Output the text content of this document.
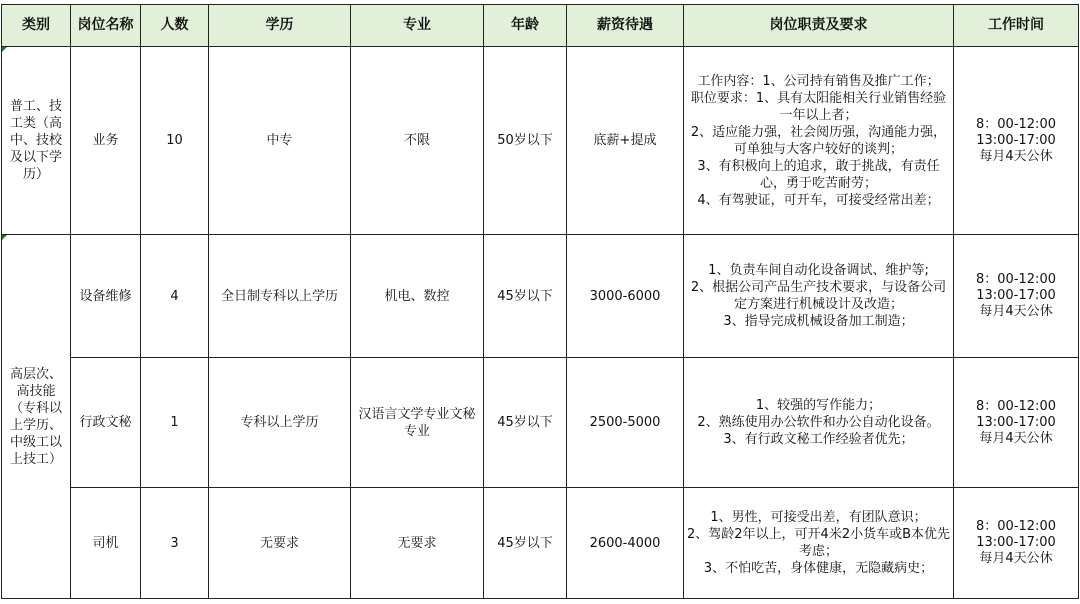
类别	岗位名称	人数	学历	专业	年龄	薪资待遇	岗位职责及要求	工作时间

普工、技工类（高中、技校及以下学历）	业务	10	中专	不限	50岁以下	底薪+提成	工作内容：1、公司持有销售及推广工作；
职位要求：1、具有太阳能相关行业销售经验一年以上者；
2、适应能力强，社会阅历强，沟通能力强，可单独与大客户较好的谈判；
3、有积极向上的追求，敢于挑战，有责任心，勇于吃苦耐劳；
4、有驾驶证，可开车，可接受经常出差；	8：00-12:00
13:00-17:00
每月4天公休

高层次、高技能（专科以上学历、中级工以上技工）	设备维修	4	全日制专科以上学历	机电、数控	45岁以下	3000-6000	1、负责车间自动化设备调试、维护等;
2、根据公司产品生产技术要求，与设备公司定方案进行机械设计及改造；
3、指导完成机械设备加工制造；	8：00-12:00
13:00-17:00
每月4天公休

	行政文秘	1	专科以上学历	汉语言文学专业文秘专业	45岁以下	2500-5000	1、较强的写作能力；
2、熟练使用办公软件和办公自动化设备。
3、有行政文秘工作经验者优先；	8：00-12:00
13:00-17:00
每月4天公休

	司机	3	无要求	无要求	45岁以下	2600-4000	1、男性，可接受出差，有团队意识；
2、驾龄2年以上，可开4米2小货车或B本优先考虑；
3、不怕吃苦，身体健康，无隐藏病史；	8：00-12:00
13:00-17:00
每月4天公休
